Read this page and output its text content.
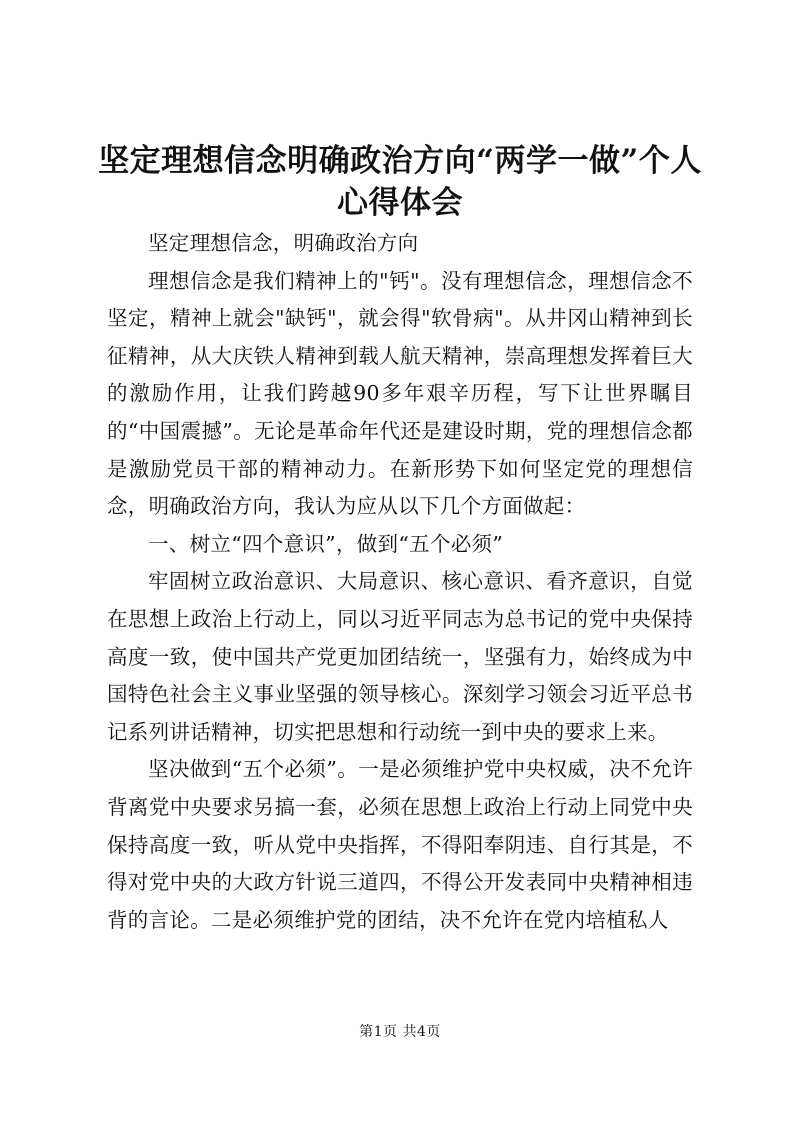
坚定理想信念明确政治方向“两学一做”个人心得体会

坚定理想信念，明确政治方向

理想信念是我们精神上的"钙"。没有理想信念，理想信念不坚定，精神上就会"缺钙"，就会得"软骨病"。从井冈山精神到长征精神，从大庆铁人精神到载人航天精神，崇高理想发挥着巨大的激励作用，让我们跨越90多年艰辛历程，写下让世界瞩目的“中国震撼”。无论是革命年代还是建设时期，党的理想信念都是激励党员干部的精神动力。在新形势下如何坚定党的理想信念，明确政治方向，我认为应从以下几个方面做起：

一、树立“四个意识”，做到“五个必须”

牢固树立政治意识、大局意识、核心意识、看齐意识，自觉在思想上政治上行动上，同以习近平同志为总书记的党中央保持高度一致，使中国共产党更加团结统一，坚强有力，始终成为中国特色社会主义事业坚强的领导核心。深刻学习领会习近平总书记系列讲话精神，切实把思想和行动统一到中央的要求上来。

坚决做到“五个必须”。一是必须维护党中央权威，决不允许背离党中央要求另搞一套，必须在思想上政治上行动上同党中央保持高度一致，听从党中央指挥，不得阳奉阴违、自行其是，不得对党中央的大政方针说三道四，不得公开发表同中央精神相违背的言论。二是必须维护党的团结，决不允许在党内培植私人

第1页 共4页
